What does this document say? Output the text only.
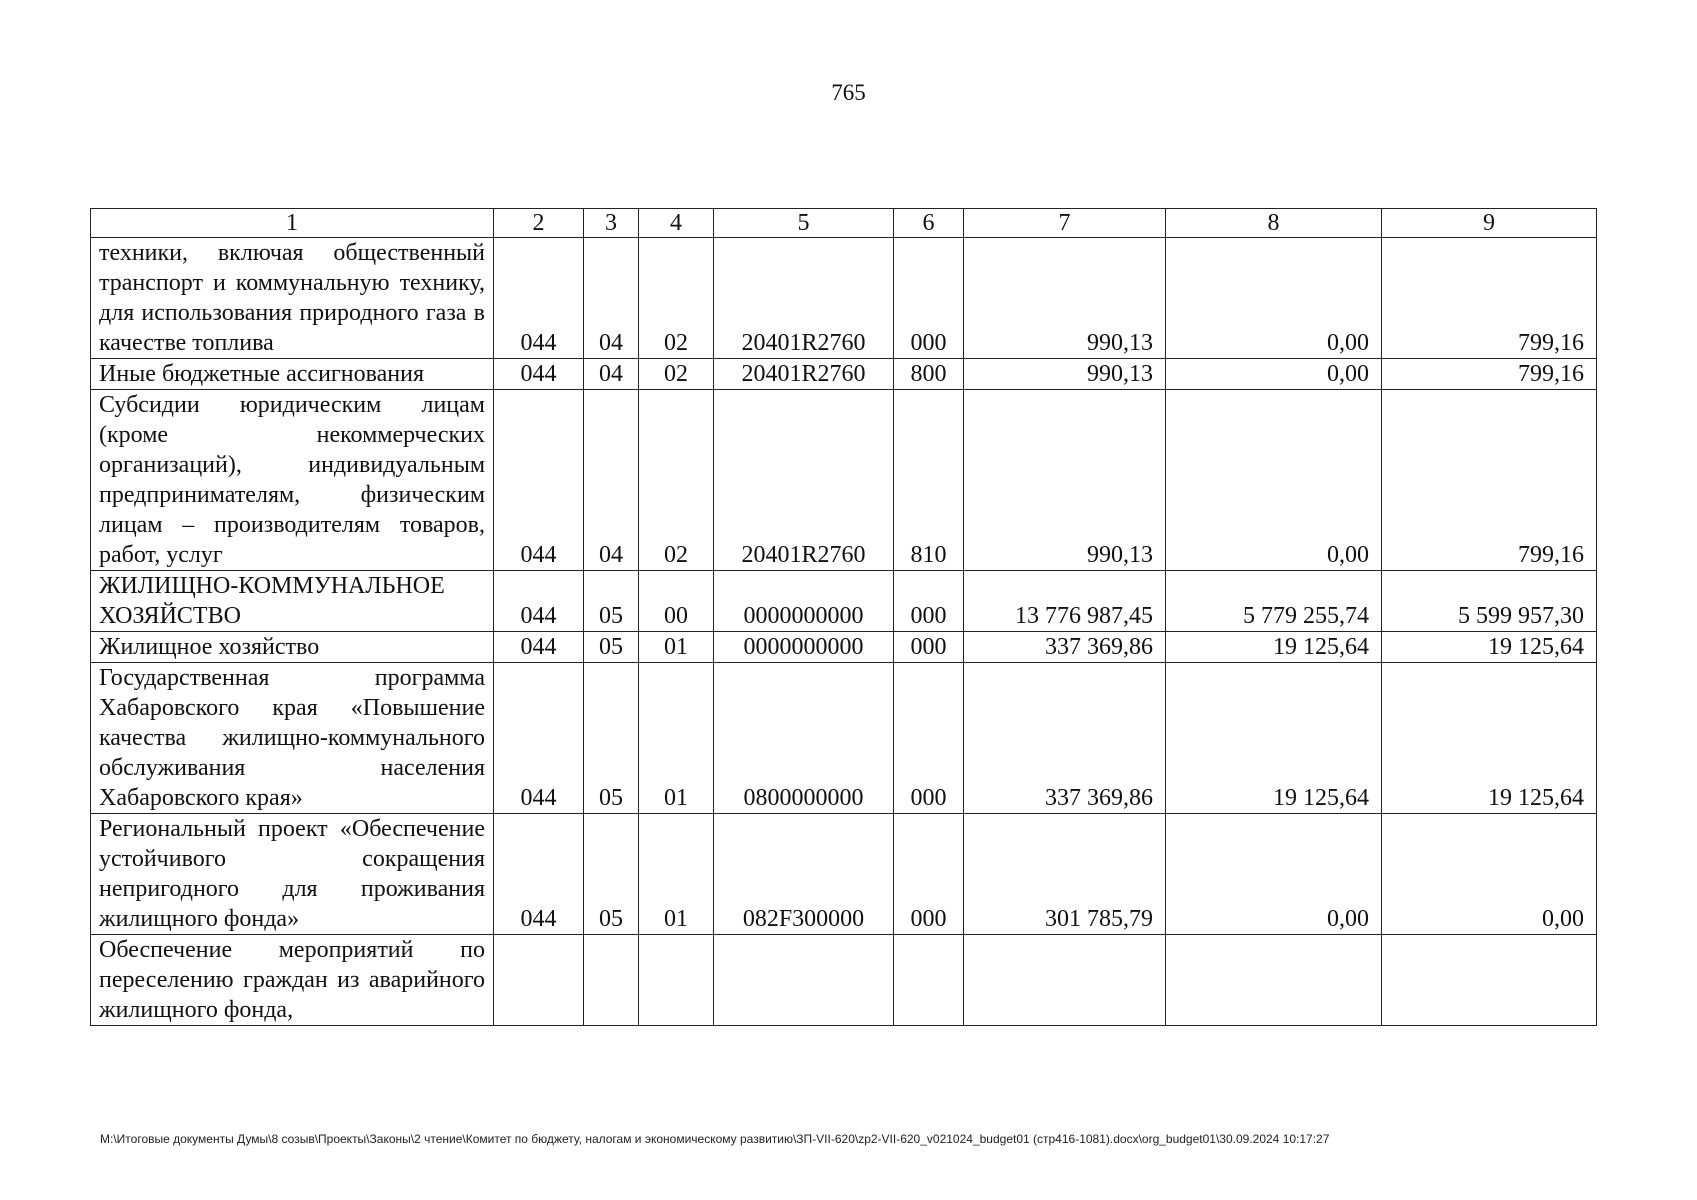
765
1	2	3	4	5	6	7	8	9
техники, включая общественный транспорт и коммунальную технику, для использования природного газа в качестве топлива	044	04	02	20401R2760	000	990,13	0,00	799,16
Иные бюджетные ассигнования	044	04	02	20401R2760	800	990,13	0,00	799,16
Субсидии юридическим лицам (кроме некоммерческих организаций), индивидуальным предпринимателям, физическим лицам – производителям товаров, работ, услуг	044	04	02	20401R2760	810	990,13	0,00	799,16
ЖИЛИЩНО-КОММУНАЛЬНОЕ ХОЗЯЙСТВО	044	05	00	0000000000	000	13 776 987,45	5 779 255,74	5 599 957,30
Жилищное хозяйство	044	05	01	0000000000	000	337 369,86	19 125,64	19 125,64
Государственная программа Хабаровского края «Повышение качества жилищно-коммунального обслуживания населения Хабаровского края»	044	05	01	0800000000	000	337 369,86	19 125,64	19 125,64
Региональный проект «Обеспечение устойчивого сокращения непригодного для проживания жилищного фонда»	044	05	01	082F300000	000	301 785,79	0,00	0,00
Обеспечение мероприятий по переселению граждан из аварийного жилищного фонда,								
M:\Итоговые документы Думы\8 созыв\Проекты\Законы\2 чтение\Комитет по бюджету, налогам и экономическому развитию\ЗП-VII-620\zp2-VII-620_v021024_budget01 (стр416-1081).docx\org_budget01\30.09.2024 10:17:27
